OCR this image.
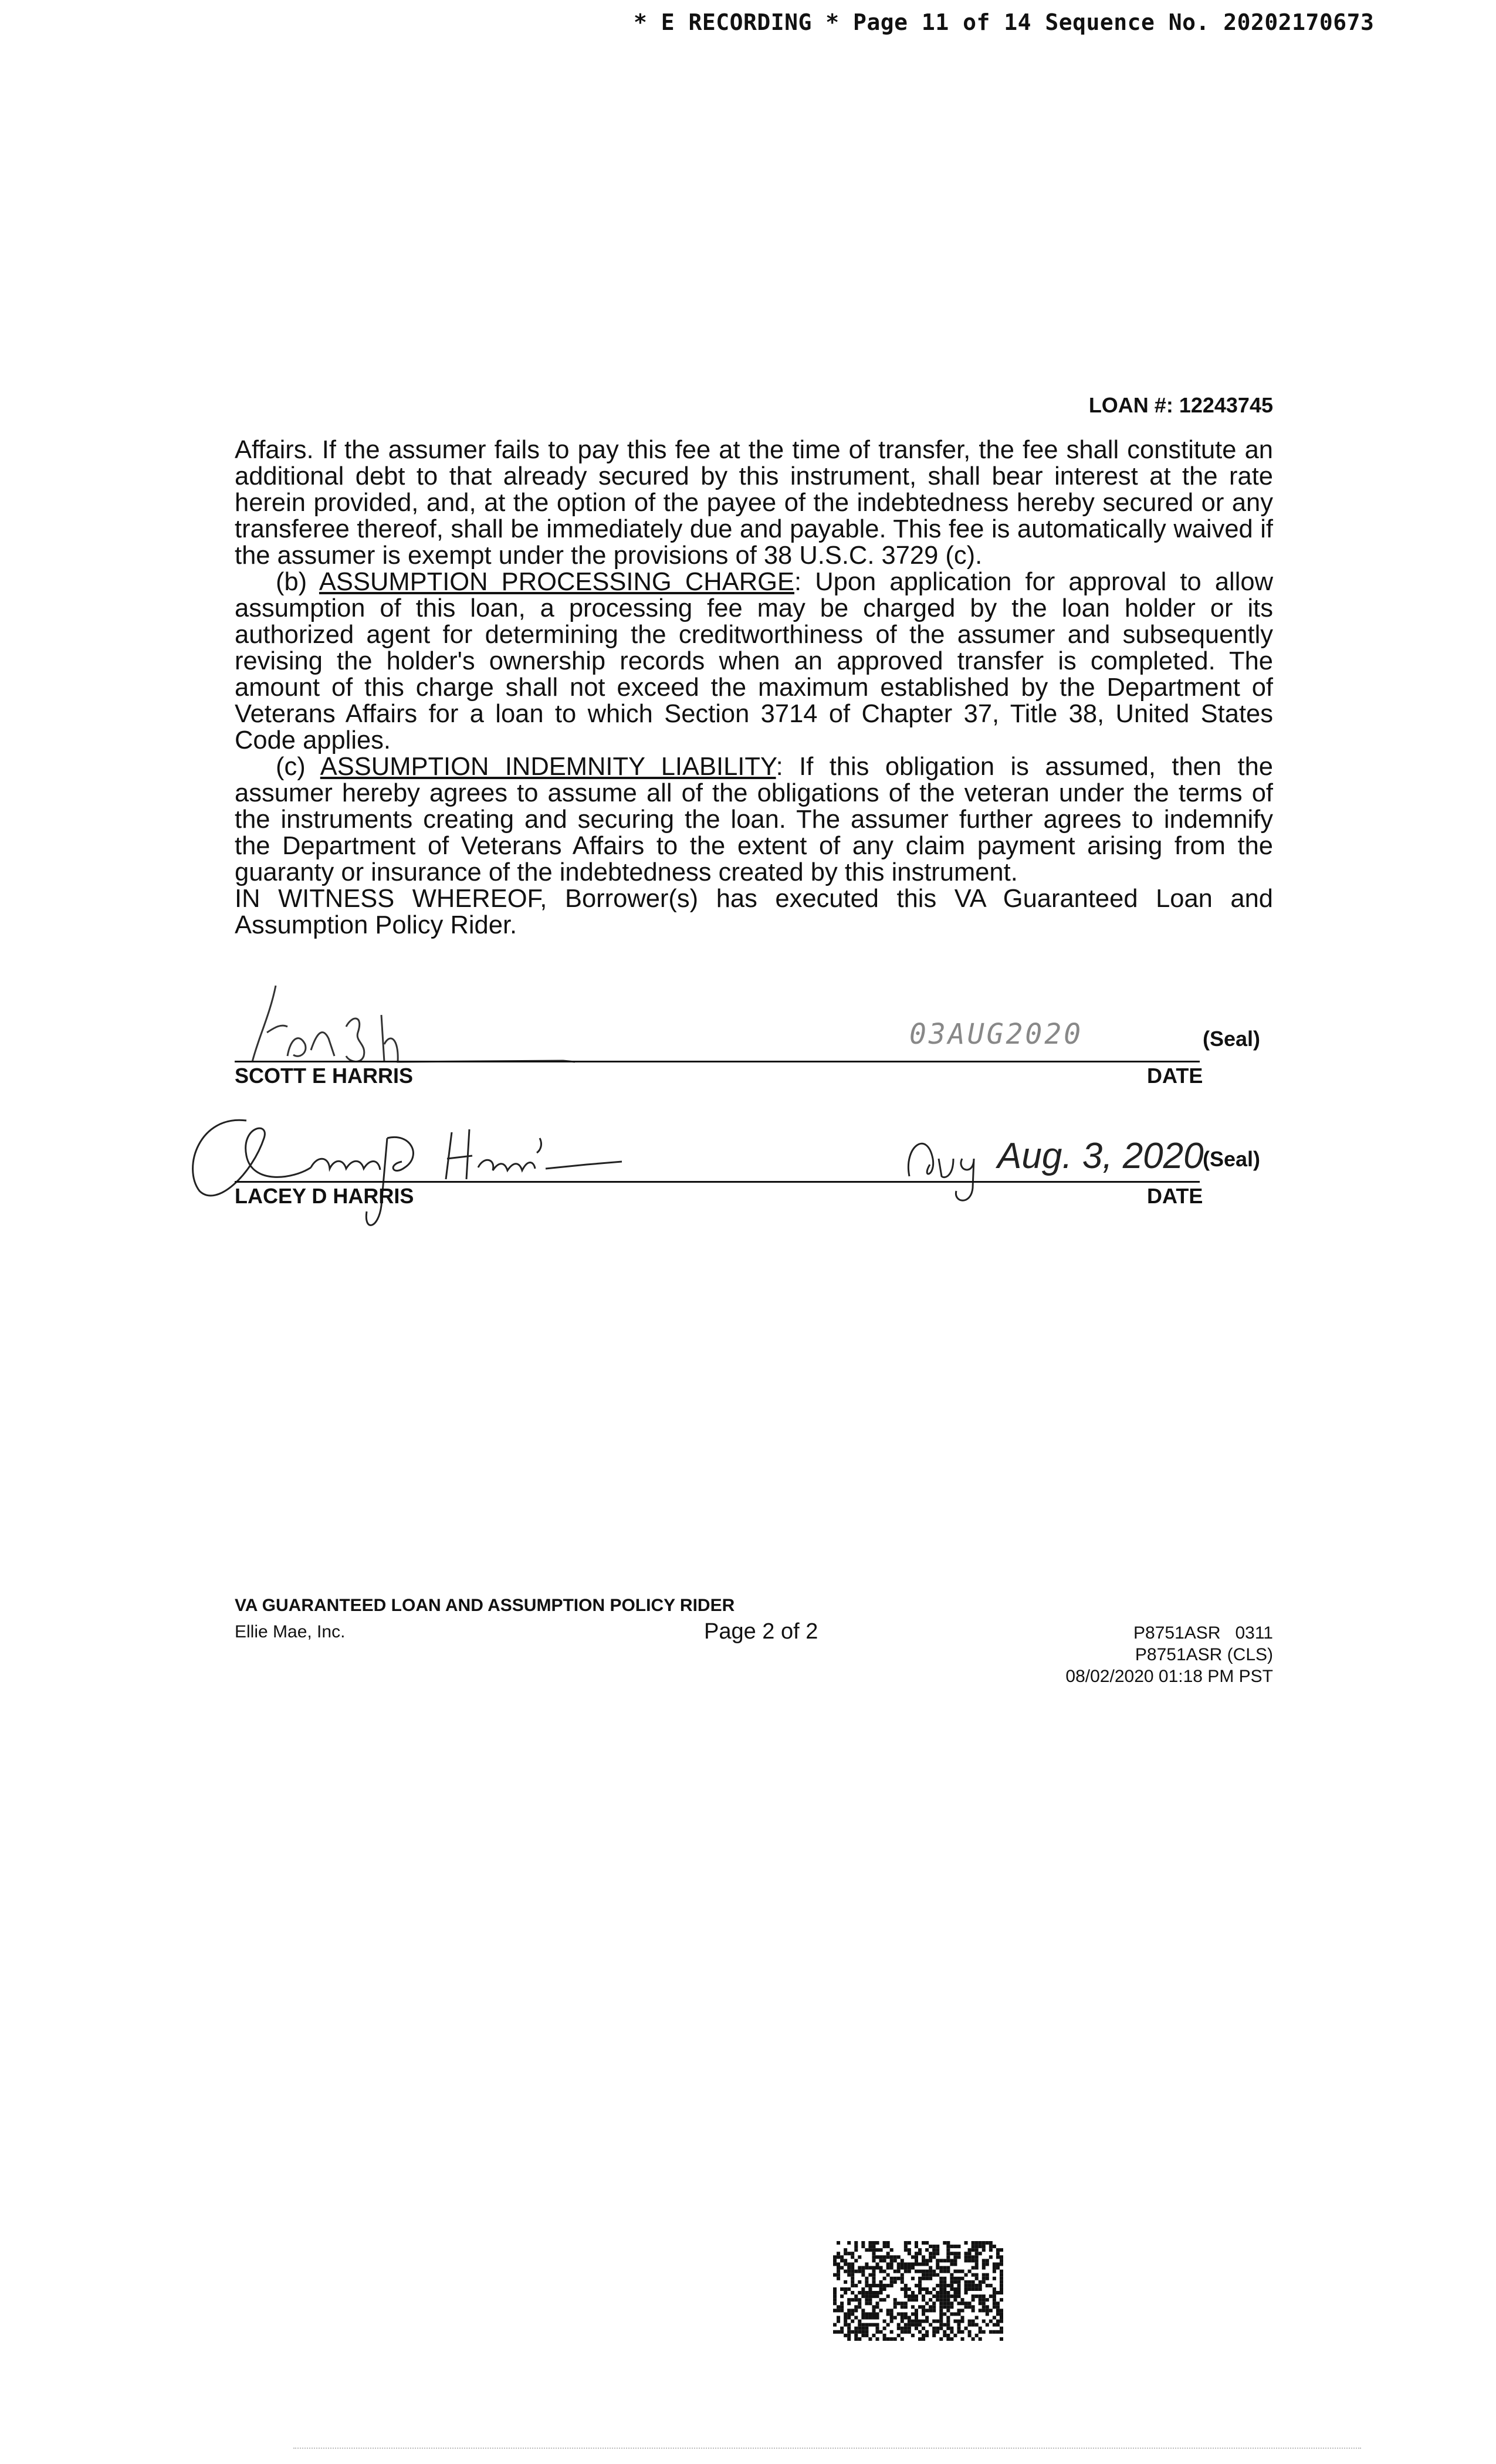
* E RECORDING * Page 11 of 14 Sequence No. 20202170673
LOAN #: 12243745

Affairs. If the assumer fails to pay this fee at the time of transfer, the fee shall constitute an additional debt to that already secured by this instrument, shall bear interest at the rate herein provided, and, at the option of the payee of the indebtedness hereby secured or any transferee thereof, shall be immediately due and payable. This fee is automatically waived if the assumer is exempt under the provisions of 38 U.S.C. 3729 (c).

(b) ASSUMPTION PROCESSING CHARGE: Upon application for approval to allow assumption of this loan, a processing fee may be charged by the loan holder or its authorized agent for determining the creditworthiness of the assumer and subsequently revising the holder's ownership records when an approved transfer is completed. The amount of this charge shall not exceed the maximum established by the Department of Veterans Affairs for a loan to which Section 3714 of Chapter 37, Title 38, United States Code applies.

(c) ASSUMPTION INDEMNITY LIABILITY: If this obligation is assumed, then the assumer hereby agrees to assume all of the obligations of the veteran under the terms of the instruments creating and securing the loan. The assumer further agrees to indemnify the Department of Veterans Affairs to the extent of any claim payment arising from the guaranty or insurance of the indebtedness created by this instrument.

IN WITNESS WHEREOF, Borrower(s) has executed this VA Guaranteed Loan and Assumption Policy Rider.
03AUG2020	(Seal)
SCOTT E HARRIS	DATE
Aug. 3, 2020
(Seal)
LACEY D HARRIS	DATE
VA GUARANTEED LOAN AND ASSUMPTION POLICY RIDER
Ellie Mae, Inc.	Page 2 of 2	P8751ASR   0311
P8751ASR (CLS)
08/02/2020 01:18 PM PST
